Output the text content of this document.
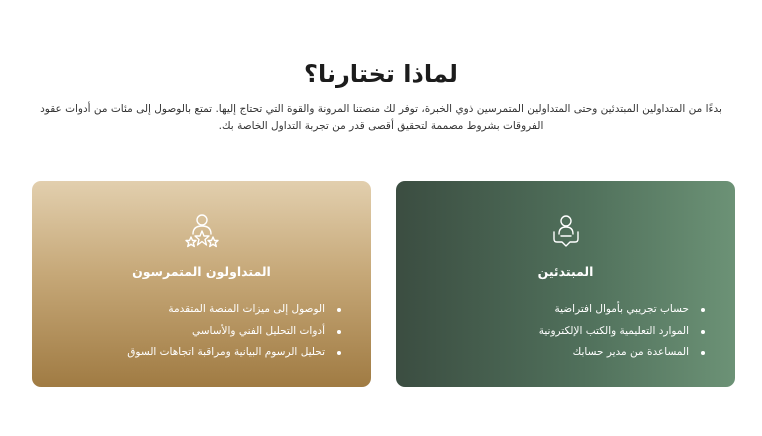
لماذا تختارنا؟

بدءًا من المتداولين المبتدئين وحتى المتداولين المتمرسين ذوي الخبرة، توفر لك منصتنا المرونة والقوة التي تحتاج إليها. تمتع بالوصول إلى مئات من أدوات عقود الفروقات بشروط مصممة لتحقيق أقصى قدر من تجربة التداول الخاصة بك.

المبتدئين
حساب تجريبي بأموال افتراضية
الموارد التعليمية والكتب الإلكترونية
المساعدة من مدير حسابك
المتداولون المتمرسون
الوصول إلى ميزات المنصة المتقدمة
أدوات التحليل الفني والأساسي
تحليل الرسوم البيانية ومراقبة اتجاهات السوق
